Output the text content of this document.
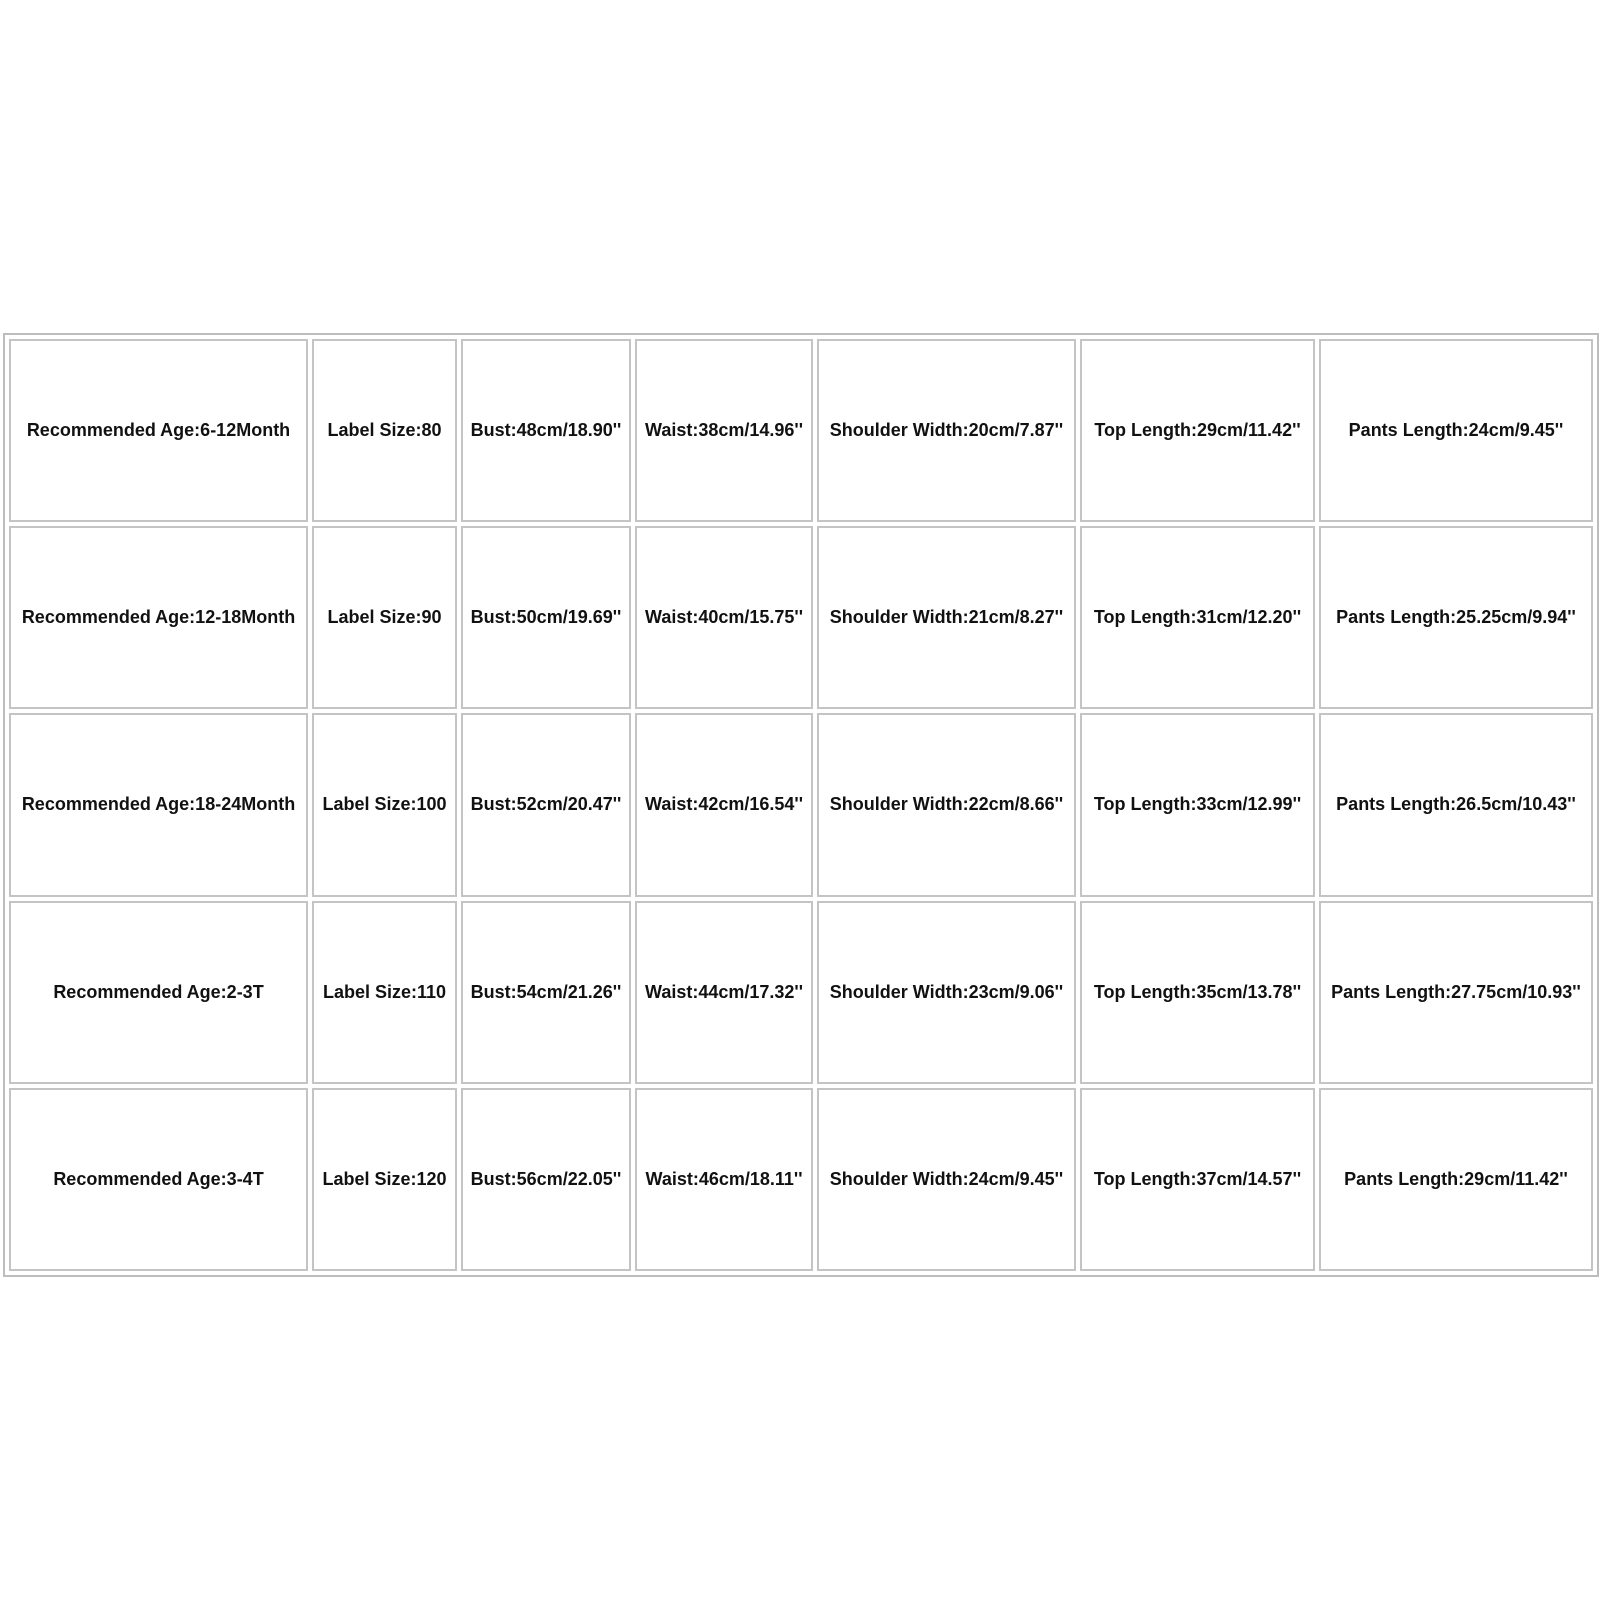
Recommended Age:6-12Month	Label Size:80	Bust:48cm/18.90''	Waist:38cm/14.96''	Shoulder Width:20cm/7.87''	Top Length:29cm/11.42''	Pants Length:24cm/9.45''
Recommended Age:12-18Month	Label Size:90	Bust:50cm/19.69''	Waist:40cm/15.75''	Shoulder Width:21cm/8.27''	Top Length:31cm/12.20''	Pants Length:25.25cm/9.94''
Recommended Age:18-24Month	Label Size:100	Bust:52cm/20.47''	Waist:42cm/16.54''	Shoulder Width:22cm/8.66''	Top Length:33cm/12.99''	Pants Length:26.5cm/10.43''
Recommended Age:2-3T	Label Size:110	Bust:54cm/21.26''	Waist:44cm/17.32''	Shoulder Width:23cm/9.06''	Top Length:35cm/13.78''	Pants Length:27.75cm/10.93''
Recommended Age:3-4T	Label Size:120	Bust:56cm/22.05''	Waist:46cm/18.11''	Shoulder Width:24cm/9.45''	Top Length:37cm/14.57''	Pants Length:29cm/11.42''
